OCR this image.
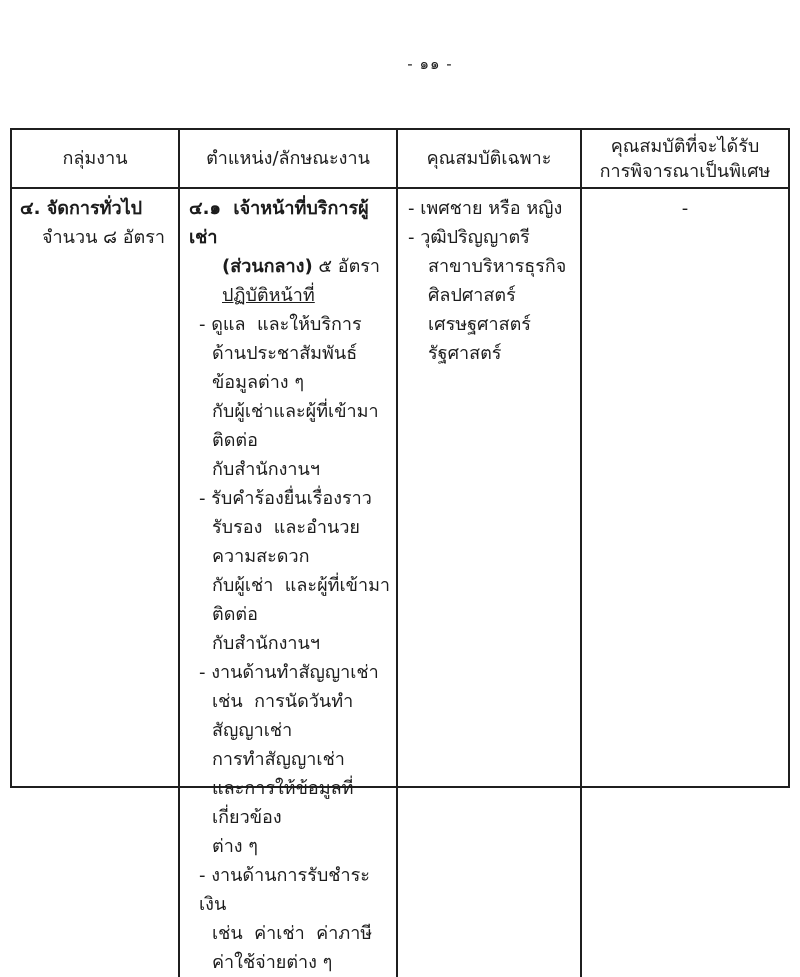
- ๑๑ -
กลุ่มงาน	ตำแหน่ง/ลักษณะงาน	คุณสมบัติเฉพาะ
คุณสมบัติที่จะได้รับ
การพิจารณาเป็นพิเศษ
๔. จัดการทั่วไป
จำนวน ๘ อัตรา
๔.๑  เจ้าหน้าที่บริการผู้เช่า
(ส่วนกลาง) ๕ อัตรา
ปฏิบัติหน้าที่
- ดูแล  และให้บริการ
ด้านประชาสัมพันธ์ข้อมูลต่าง ๆ
กับผู้เช่าและผู้ที่เข้ามาติดต่อ
กับสำนักงานฯ
- รับคำร้องยื่นเรื่องราว
รับรอง  และอำนวยความสะดวก
กับผู้เช่า  และผู้ที่เข้ามาติดต่อ
กับสำนักงานฯ
- งานด้านทำสัญญาเช่า
เช่น  การนัดวันทำสัญญาเช่า
การทำสัญญาเช่า
และการให้ข้อมูลที่เกี่ยวข้อง
ต่าง ๆ
- งานด้านการรับชำระเงิน
เช่น  ค่าเช่า  ค่าภาษี
ค่าใช้จ่ายต่าง ๆ
- เพศชาย หรือ หญิง
- วุฒิปริญญาตรี
สาขาบริหารธุรกิจ
ศิลปศาสตร์ เศรษฐศาสตร์
รัฐศาสตร์
-
